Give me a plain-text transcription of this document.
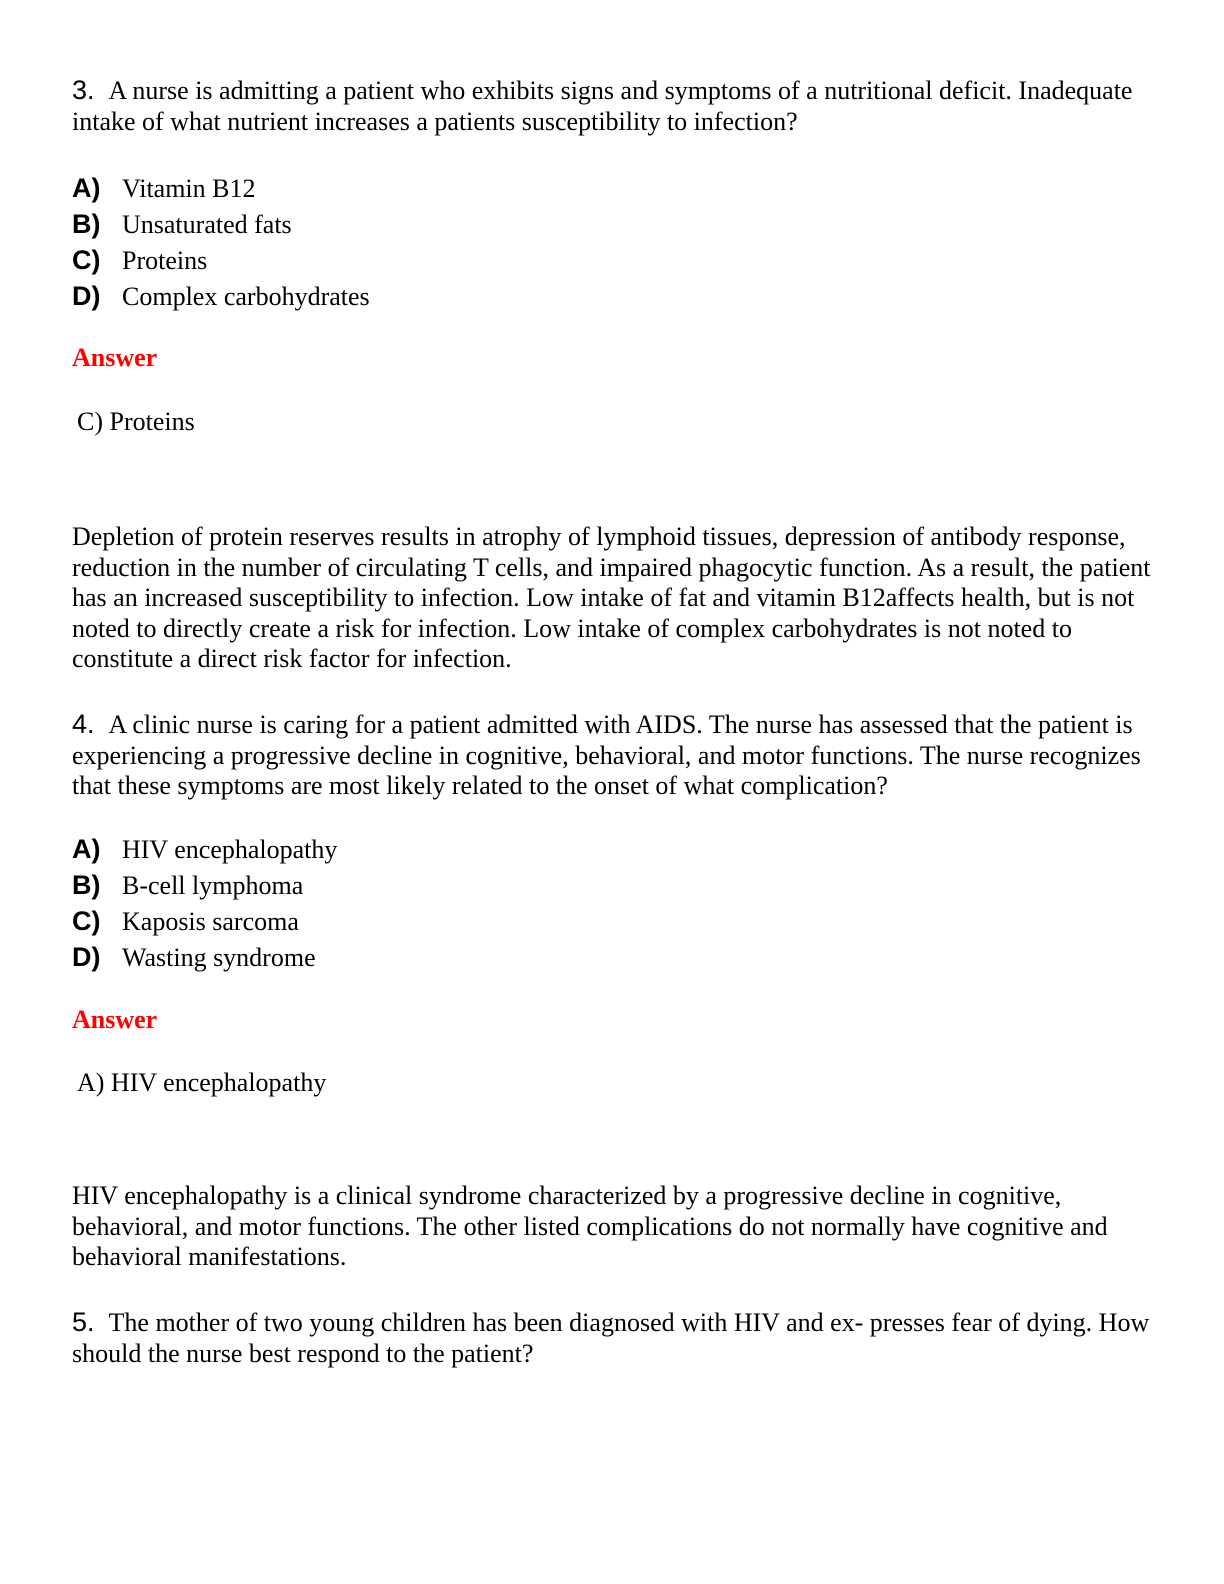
3. A nurse is admitting a patient who exhibits signs and symptoms of a nutritional deficit. Inadequate intake of what nutrient increases a patients susceptibility to infection?

A) Vitamin B12
B) Unsaturated fats
C) Proteins
D) Complex carbohydrates
Answer
C) Proteins

Depletion of protein reserves results in atrophy of lymphoid tissues, depression of antibody response, reduction in the number of circulating T cells, and impaired phagocytic function. As a result, the patient has an increased susceptibility to infection. Low intake of fat and vitamin B12affects health, but is not noted to directly create a risk for infection. Low intake of complex carbohydrates is not noted to constitute a direct risk factor for infection.

4. A clinic nurse is caring for a patient admitted with AIDS. The nurse has assessed that the patient is experiencing a progressive decline in cognitive, behavioral, and motor functions. The nurse recognizes that these symptoms are most likely related to the onset of what complication?

A) HIV encephalopathy
B) B-cell lymphoma
C) Kaposis sarcoma
D) Wasting syndrome
Answer
A) HIV encephalopathy

HIV encephalopathy is a clinical syndrome characterized by a progressive decline in cognitive, behavioral, and motor functions. The other listed complications do not normally have cognitive and behavioral manifestations.

5. The mother of two young children has been diagnosed with HIV and ex- presses fear of dying. How should the nurse best respond to the patient?
